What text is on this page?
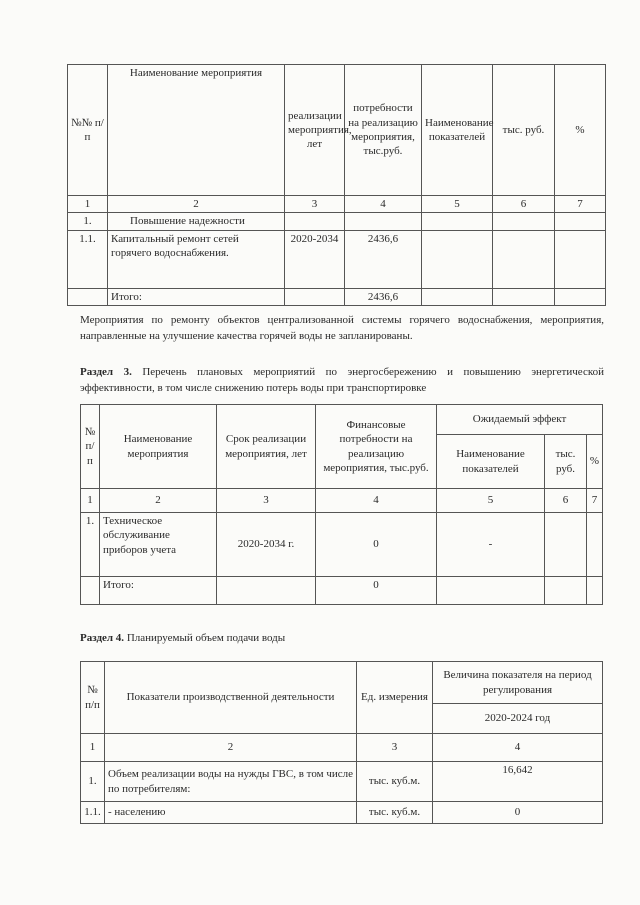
№№ п/п	Наименование мероприятия	реализации мероприятия, лет	потребности на реализацию мероприятия, тыс.руб.	Наименование показателей	тыс. руб.	%
1	2	3	4	5	6	7
1.	Повышение надежности					
1.1.	Капитальный ремонт сетей горячего водоснабжения.	2020-2034	2436,6			
	Итого:		2436,6			

Мероприятия по ремонту объектов централизованной системы горячего водоснабжения, мероприятия, направленные на улучшение качества горячей воды не запланированы.

Раздел 3. Перечень плановых мероприятий по энергосбережению и повышению энергетической эффективности, в том числе снижению потерь воды при транспортировке

№ п/п	Наименование мероприятия	Срок реализации мероприятия, лет	Финансовые потребности на реализацию мероприятия, тыс.руб.	Ожидаемый эффект		
				Наименование показателей	тыс. руб.	%
1	2	3	4	5	6	7
1.	Техническое обслуживание приборов учета	2020-2034 г.	0	-		
	Итого:		0			

Раздел 4. Планируемый объем подачи воды

№ п/п	Показатели производственной деятельности	Ед. измерения	Величина показателя на период регулирования
			2020-2024 год
1	2	3	4
1.	Объем реализации воды на нужды ГВС, в том числе по потребителям:	тыс. куб.м.	16,642
1.1.	- населению	тыс. куб.м.	0
